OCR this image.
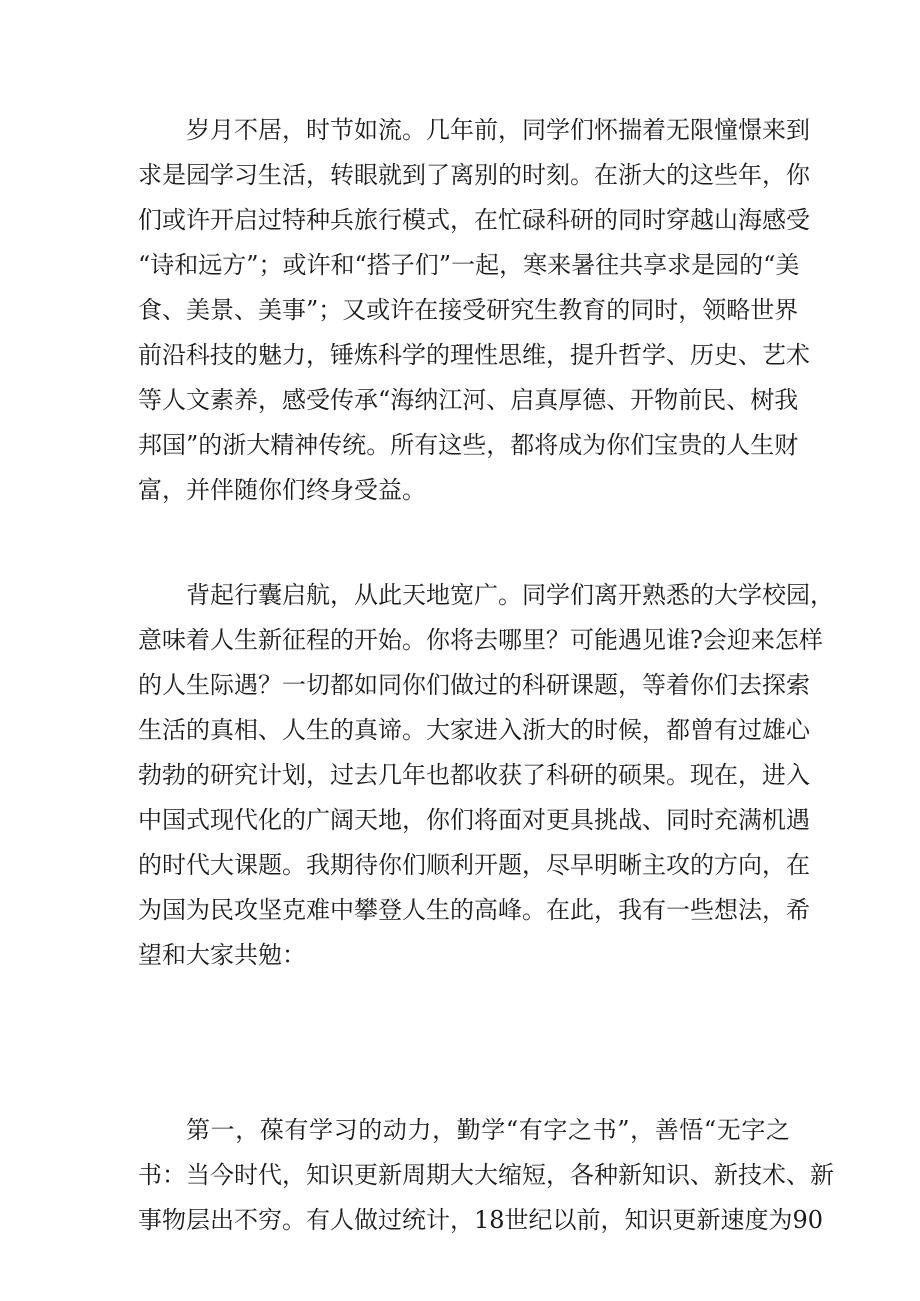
岁月不居，时节如流。几年前，同学们怀揣着无限憧憬来到
求是园学习生活，转眼就到了离别的时刻。在浙大的这些年，你
们或许开启过特种兵旅行模式，在忙碌科研的同时穿越山海感受
“诗和远方”；或许和“搭子们”一起，寒来暑往共享求是园的“美
食、美景、美事”；又或许在接受研究生教育的同时，领略世界
前沿科技的魅力，锤炼科学的理性思维，提升哲学、历史、艺术
等人文素养，感受传承“海纳江河、启真厚德、开物前民、树我
邦国”的浙大精神传统。所有这些，都将成为你们宝贵的人生财
富，并伴随你们终身受益。
背起行囊启航，从此天地宽广。同学们离开熟悉的大学校园，
意味着人生新征程的开始。你将去哪里？可能遇见谁?会迎来怎样
的人生际遇？一切都如同你们做过的科研课题，等着你们去探索
生活的真相、人生的真谛。大家进入浙大的时候，都曾有过雄心
勃勃的研究计划，过去几年也都收获了科研的硕果。现在，进入
中国式现代化的广阔天地，你们将面对更具挑战、同时充满机遇
的时代大课题。我期待你们顺利开题，尽早明晰主攻的方向，在
为国为民攻坚克难中攀登人生的高峰。在此，我有一些想法，希
望和大家共勉：
第一，葆有学习的动力，勤学“有字之书”，善悟“无字之
书：当今时代，知识更新周期大大缩短，各种新知识、新技术、新
事物层出不穷。有人做过统计，18世纪以前，知识更新速度为90
